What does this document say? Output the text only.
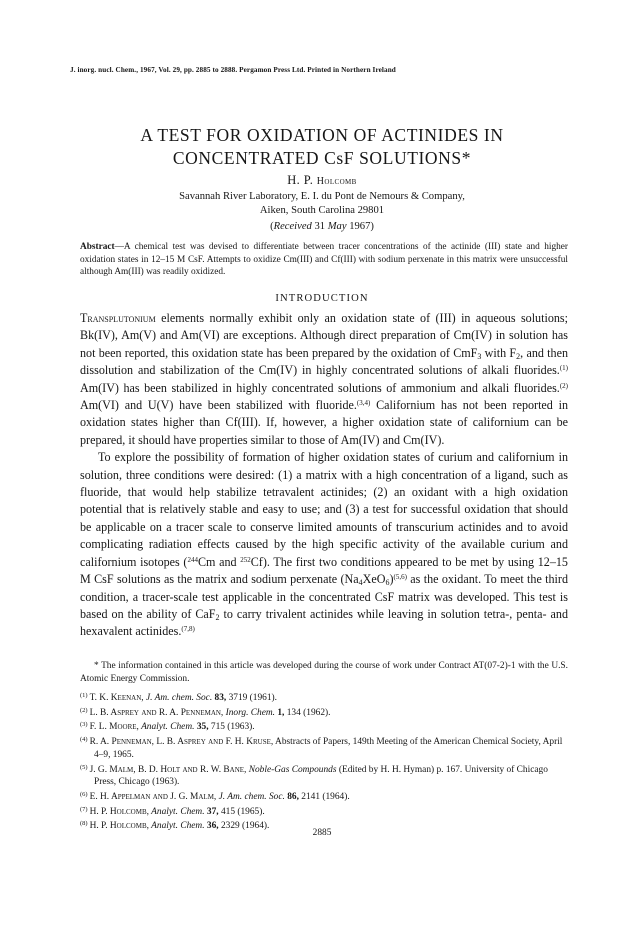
J. inorg. nucl. Chem., 1967, Vol. 29, pp. 2885 to 2888. Pergamon Press Ltd. Printed in Northern Ireland
A TEST FOR OXIDATION OF ACTINIDES IN
CONCENTRATED CsF SOLUTIONS*
H. P. Holcomb
Savannah River Laboratory, E. I. du Pont de Nemours & Company,
Aiken, South Carolina 29801
(Received 31 May 1967)
Abstract—A chemical test was devised to differentiate between tracer concentrations of the actinide (III) state and higher oxidation states in 12–15 M CsF. Attempts to oxidize Cm(III) and Cf(III) with sodium perxenate in this matrix were unsuccessful although Am(III) was readily oxidized.
INTRODUCTION

Transplutonium elements normally exhibit only an oxidation state of (III) in aqueous solutions; Bk(IV), Am(V) and Am(VI) are exceptions. Although direct preparation of Cm(IV) in solution has not been reported, this oxidation state has been prepared by the oxidation of CmF$_3$ with $F_2$, and then dissolution and stabilization of the Cm(IV) in highly concentrated solutions of alkali fluorides.$^{(1)}$ Am(IV) has been stabilized in highly concentrated solutions of ammonium and alkali fluorides.$^{(2)}$ Am(VI) and U(V) have been stabilized with fluoride.$^{(3,4)}$ Californium has not been reported in oxidation states higher than Cf(III). If, however, a higher oxidation state of californium can be prepared, it should have properties similar to those of Am(IV) and Cm(IV).

To explore the possibility of formation of higher oxidation states of curium and californium in solution, three conditions were desired: (1) a matrix with a high concentration of a ligand, such as fluoride, that would help stabilize tetravalent actinides; (2) an oxidant with a high oxidation potential that is relatively stable and easy to use; and (3) a test for successful oxidation that should be applicable on a tracer scale to conserve limited amounts of transcurium actinides and to avoid complicating radiation effects caused by the high specific activity of the available curium and californium isotopes ($^{244}$Cm and $^{252}$Cf). The first two conditions appeared to be met by using 12–15 M CsF solutions as the matrix and sodium perxenate $(Na_4XeO_6)^{(5,6)}$ as the oxidant. To meet the third condition, a tracer-scale test applicable in the concentrated CsF matrix was developed. This test is based on the ability of CaF$_2$ to carry trivalent actinides while leaving in solution tetra-, penta- and hexavalent actinides.$^{(7,8)}$

* The information contained in this article was developed during the course of work under Contract AT(07-2)-1 with the U.S. Atomic Energy Commission.
$^{(1)}$ T. K. Keenan, J. Am. chem. Soc. 83, 3719 (1961).
$^{(2)}$ L. B. Asprey and R. A. Penneman, Inorg. Chem. 1, 134 (1962).
$^{(3)}$ F. L. Moore, Analyt. Chem. 35, 715 (1963).
$^{(4)}$ R. A. Penneman, L. B. Asprey and F. H. Kruse, Abstracts of Papers, 149th Meeting of the American Chemical Society, April 4–9, 1965.
$^{(5)}$ J. G. Malm, B. D. Holt and R. W. Bane, Noble-Gas Compounds (Edited by H. H. Hyman) p. 167. University of Chicago Press, Chicago (1963).
$^{(6)}$ E. H. Appelman and J. G. Malm, J. Am. chem. Soc. 86, 2141 (1964).
$^{(7)}$ H. P. Holcomb, Analyt. Chem. 37, 415 (1965).
$^{(8)}$ H. P. Holcomb, Analyt. Chem. 36, 2329 (1964).
2885
